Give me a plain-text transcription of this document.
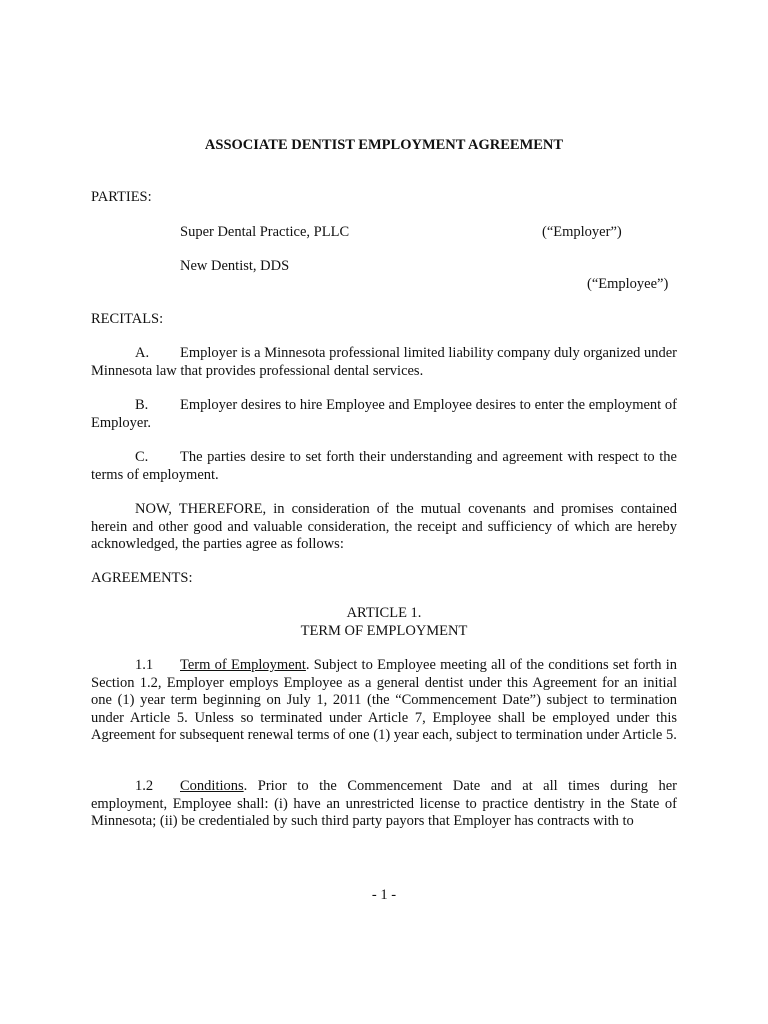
ASSOCIATE DENTIST EMPLOYMENT AGREEMENT
PARTIES:
Super Dental Practice, PLLC	(“Employer”)
New Dentist, DDS
(“Employee”)
RECITALS:

A. Employer is a Minnesota professional limited liability company duly organized under Minnesota law that provides professional dental services.

B. Employer desires to hire Employee and Employee desires to enter the employment of Employer.

C. The parties desire to set forth their understanding and agreement with respect to the terms of employment.

NOW, THEREFORE, in consideration of the mutual covenants and promises contained herein and other good and valuable consideration, the receipt and sufficiency of which are hereby acknowledged, the parties agree as follows:

AGREEMENTS:
ARTICLE 1.
TERM OF EMPLOYMENT

1.1 Term of Employment. Subject to Employee meeting all of the conditions set forth in Section 1.2, Employer employs Employee as a general dentist under this Agreement for an initial one (1) year term beginning on July 1, 2011 (the “Commencement Date”) subject to termination under Article 5. Unless so terminated under Article 7, Employee shall be employed under this Agreement for subsequent renewal terms of one (1) year each, subject to termination under Article 5.

1.2 Conditions. Prior to the Commencement Date and at all times during her employment, Employee shall: (i) have an unrestricted license to practice dentistry in the State of Minnesota; (ii) be credentialed by such third party payors that Employer has contracts with to

- 1 -
